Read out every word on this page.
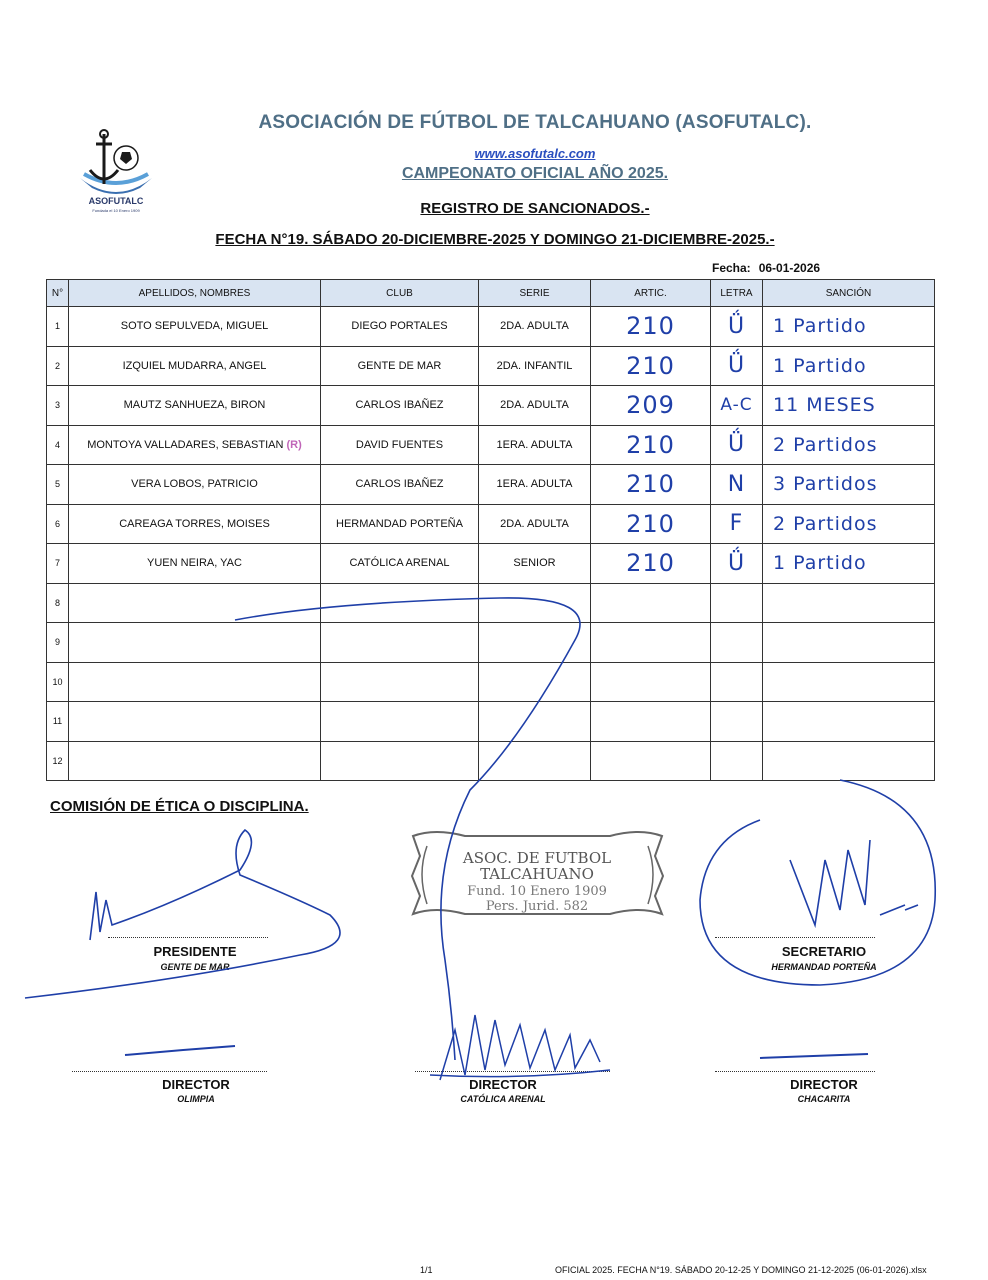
ASOFUTALC
Fundada el 10 Enero 1909
ASOCIACIÓN DE FÚTBOL DE TALCAHUANO (ASOFUTALC).
www.asofutalc.com
CAMPEONATO OFICIAL AÑO 2025.
REGISTRO DE SANCIONADOS.-
FECHA N°19. SÁBADO 20-DICIEMBRE-2025 Y DOMINGO 21-DICIEMBRE-2025.-
Fecha: 06-01-2026
N°	APELLIDOS, NOMBRES	CLUB	SERIE	ARTIC.	LETRA	SANCIÓN
1	SOTO SEPULVEDA, MIGUEL	DIEGO PORTALES	2DA. ADULTA	210	Ǘ	1 Partido
2	IZQUIEL MUDARRA, ANGEL	GENTE DE MAR	2DA. INFANTIL	210	Ǘ	1 Partido
3	MAUTZ SANHUEZA, BIRON	CARLOS IBAÑEZ	2DA. ADULTA	209	A-C	11 MESES
4	MONTOYA VALLADARES, SEBASTIAN (R)	DAVID FUENTES	1ERA. ADULTA	210	Ǘ	2 Partidos
5	VERA LOBOS, PATRICIO	CARLOS IBAÑEZ	1ERA. ADULTA	210	N	3 Partidos
6	CAREAGA TORRES, MOISES	HERMANDAD PORTEÑA	2DA. ADULTA	210	F	2 Partidos
7	YUEN NEIRA, YAC	CATÓLICA ARENAL	SENIOR	210	Ǘ	1 Partido
8						
9						
10						
11						
12						
COMISIÓN DE ÉTICA O DISCIPLINA.
ASOC. DE FUTBOL
TALCAHUANO
Fund. 10 Enero 1909
Pers. Jurid. 582
PRESIDENTE
GENTE DE MAR
SECRETARIO
HERMANDAD PORTEÑA
DIRECTOR
OLIMPIA
DIRECTOR
CATÓLICA ARENAL
DIRECTOR
CHACARITA
1/1	OFICIAL 2025. FECHA N°19. SÁBADO 20-12-25 Y DOMINGO 21-12-2025 (06-01-2026).xlsx
